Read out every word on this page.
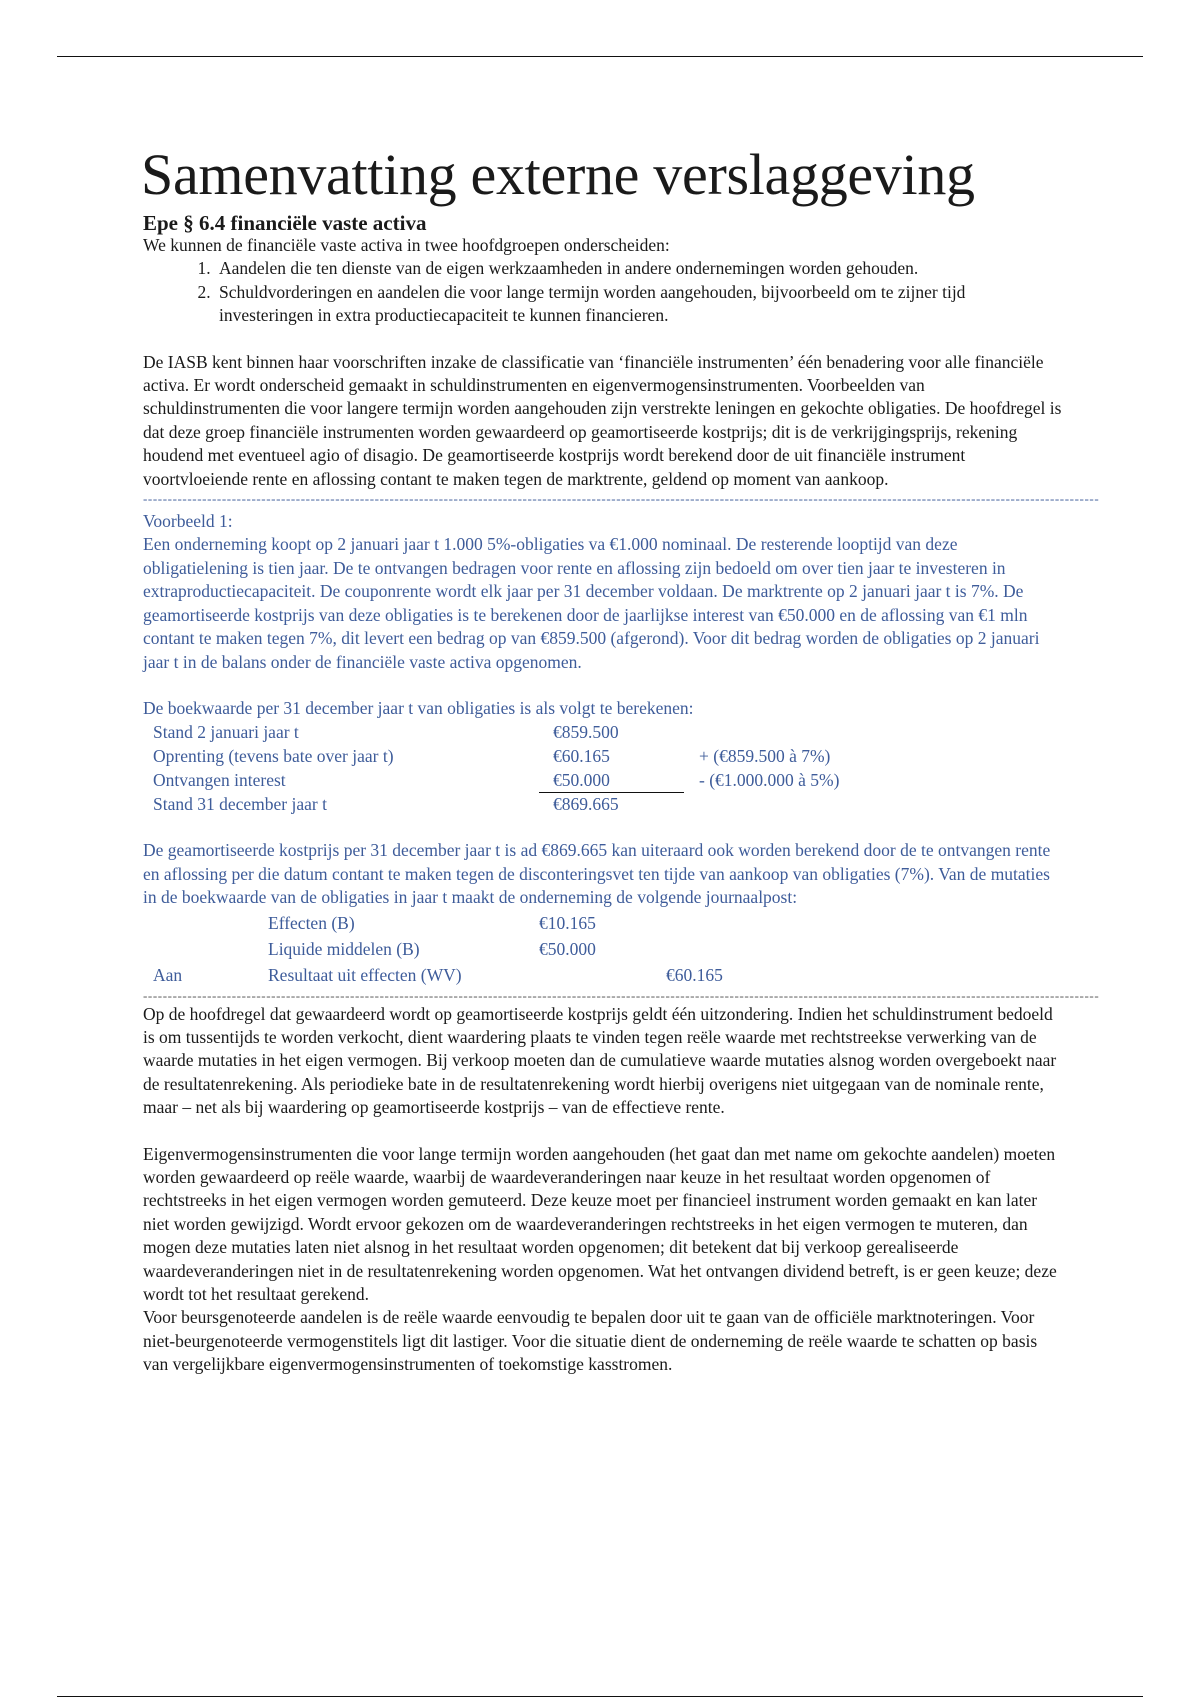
Samenvatting externe verslaggeving
Epe § 6.4 financiële vaste activa

We kunnen de financiële vaste activa in twee hoofdgroepen onderscheiden:

1. Aandelen die ten dienste van de eigen werkzaamheden in andere ondernemingen worden gehouden.
2. Schuldvorderingen en aandelen die voor lange termijn worden aangehouden, bijvoorbeeld om te zijner tijd investeringen in extra productiecapaciteit te kunnen financieren.

De IASB kent binnen haar voorschriften inzake de classificatie van ‘financiële instrumenten’ één benadering voor alle financiële activa. Er wordt onderscheid gemaakt in schuldinstrumenten en eigenvermogensinstrumenten. Voorbeelden van schuldinstrumenten die voor langere termijn worden aangehouden zijn verstrekte leningen en gekochte obligaties. De hoofdregel is dat deze groep financiële instrumenten worden gewaardeerd op geamortiseerde kostprijs; dit is de verkrijgingsprijs, rekening houdend met eventueel agio of disagio. De geamortiseerde kostprijs wordt berekend door de uit financiële instrument voortvloeiende rente en aflossing contant te maken tegen de marktrente, geldend op moment van aankoop.

--------------------------------------------------------------------------------------------------------------------------------------------------------------------------------------------------

Voorbeeld 1:

Een onderneming koopt op 2 januari jaar t 1.000 5%-obligaties va €1.000 nominaal. De resterende looptijd van deze obligatielening is tien jaar. De te ontvangen bedragen voor rente en aflossing zijn bedoeld om over tien jaar te investeren in extraproductiecapaciteit. De couponrente wordt elk jaar per 31 december voldaan. De marktrente op 2 januari jaar t is 7%. De geamortiseerde kostprijs van deze obligaties is te berekenen door de jaarlijkse interest van €50.000 en de aflossing van €1 mln contant te maken tegen 7%, dit levert een bedrag op van €859.500 (afgerond). Voor dit bedrag worden de obligaties op 2 januari jaar t in de balans onder de financiële vaste activa opgenomen.

De boekwaarde per 31 december jaar t van obligaties is als volgt te berekenen:

Stand 2 januari jaar t	€859.500
Oprenting (tevens bate over jaar t)	€60.165	+ (€859.500 à 7%)
Ontvangen interest	€50.000	- (€1.000.000 à 5%)
Stand 31 december jaar t	€869.665

De geamortiseerde kostprijs per 31 december jaar t is ad €869.665 kan uiteraard ook worden berekend door de te ontvangen rente en aflossing per die datum contant te maken tegen de disconteringsvet ten tijde van aankoop van obligaties (7%). Van de mutaties in de boekwaarde van de obligaties in jaar t maakt de onderneming de volgende journaalpost:

Effecten (B)	€10.165
Liquide middelen (B)	€50.000
Aan	Resultaat uit effecten (WV)	€60.165
--------------------------------------------------------------------------------------------------------------------------------------------------------------------------------------------------

Op de hoofdregel dat gewaardeerd wordt op geamortiseerde kostprijs geldt één uitzondering. Indien het schuldinstrument bedoeld is om tussentijds te worden verkocht, dient waardering plaats te vinden tegen reële waarde met rechtstreekse verwerking van de waarde mutaties in het eigen vermogen. Bij verkoop moeten dan de cumulatieve waarde mutaties alsnog worden overgeboekt naar de resultatenrekening. Als periodieke bate in de resultatenrekening wordt hierbij overigens niet uitgegaan van de nominale rente, maar – net als bij waardering op geamortiseerde kostprijs – van de effectieve rente.

Eigenvermogensinstrumenten die voor lange termijn worden aangehouden (het gaat dan met name om gekochte aandelen) moeten worden gewaardeerd op reële waarde, waarbij de waardeveranderingen naar keuze in het resultaat worden opgenomen of rechtstreeks in het eigen vermogen worden gemuteerd. Deze keuze moet per financieel instrument worden gemaakt en kan later niet worden gewijzigd. Wordt ervoor gekozen om de waardeveranderingen rechtstreeks in het eigen vermogen te muteren, dan mogen deze mutaties laten niet alsnog in het resultaat worden opgenomen; dit betekent dat bij verkoop gerealiseerde waardeveranderingen niet in de resultatenrekening worden opgenomen. Wat het ontvangen dividend betreft, is er geen keuze; deze wordt tot het resultaat gerekend.

Voor beursgenoteerde aandelen is de reële waarde eenvoudig te bepalen door uit te gaan van de officiële marktnoteringen. Voor niet-beurgenoteerde vermogenstitels ligt dit lastiger. Voor die situatie dient de onderneming de reële waarde te schatten op basis van vergelijkbare eigenvermogensinstrumenten of toekomstige kasstromen.
